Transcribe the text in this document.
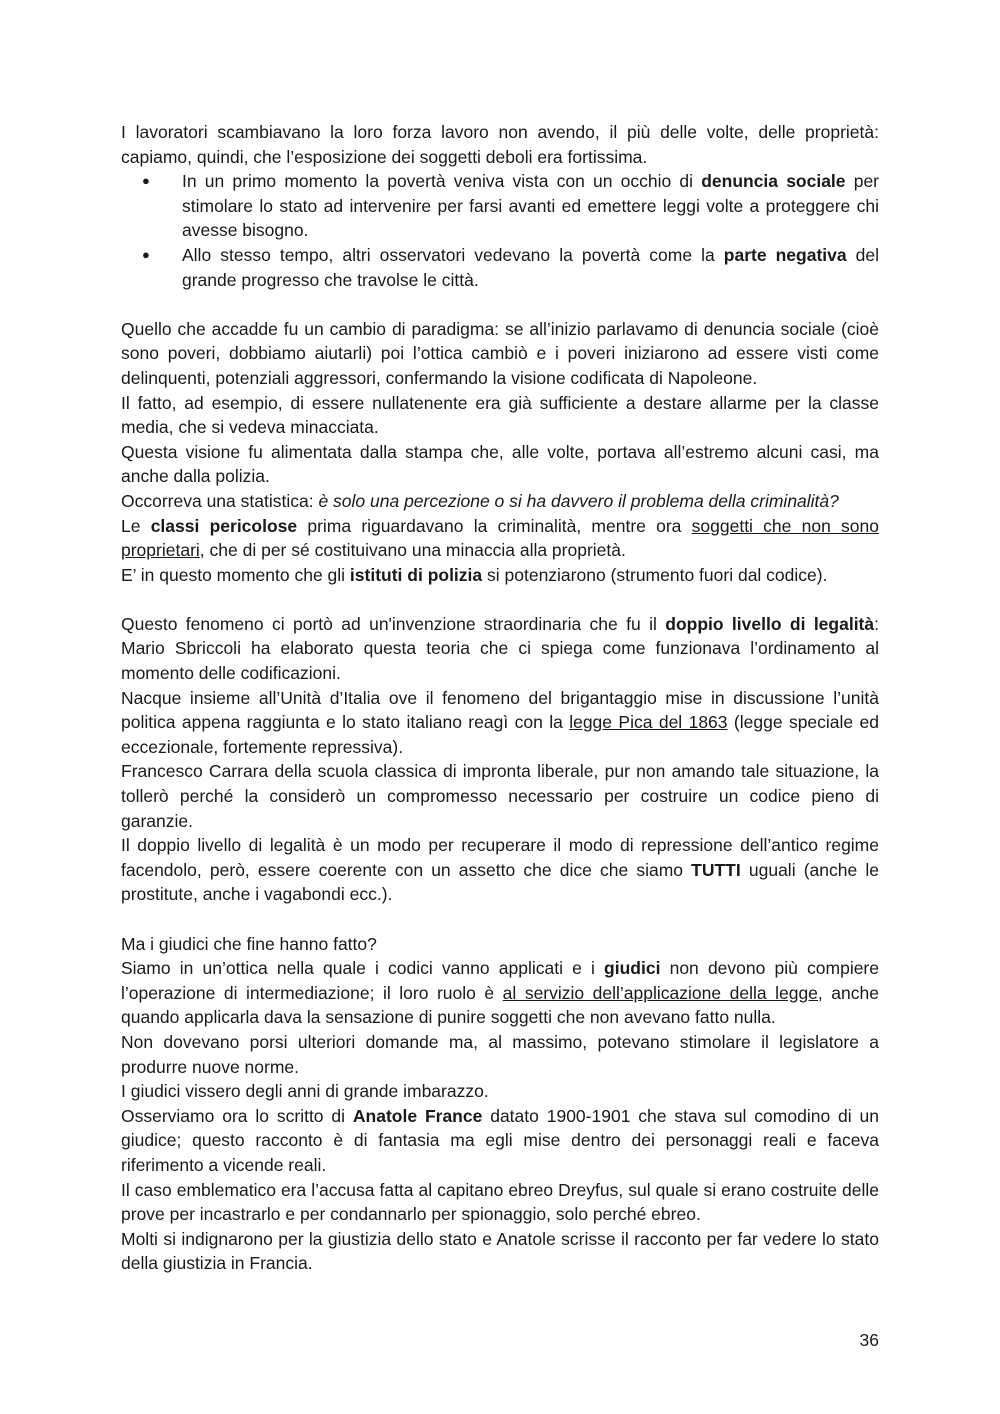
I lavoratori scambiavano la loro forza lavoro non avendo, il più delle volte, delle proprietà: capiamo, quindi, che l’esposizione dei soggetti deboli era fortissima.

● In un primo momento la povertà veniva vista con un occhio di denuncia sociale per stimolare lo stato ad intervenire per farsi avanti ed emettere leggi volte a proteggere chi avesse bisogno.
● Allo stesso tempo, altri osservatori vedevano la povertà come la parte negativa del grande progresso che travolse le città.

Quello che accadde fu un cambio di paradigma: se all’inizio parlavamo di denuncia sociale (cioè sono poveri, dobbiamo aiutarli) poi l’ottica cambiò e i poveri iniziarono ad essere visti come delinquenti, potenziali aggressori, confermando la visione codificata di Napoleone.

Il fatto, ad esempio, di essere nullatenente era già sufficiente a destare allarme per la classe media, che si vedeva minacciata.

Questa visione fu alimentata dalla stampa che, alle volte, portava all’estremo alcuni casi, ma anche dalla polizia.

Occorreva una statistica: è solo una percezione o si ha davvero il problema della criminalità?

Le classi pericolose prima riguardavano la criminalità, mentre ora soggetti che non sono proprietari, che di per sé costituivano una minaccia alla proprietà.

E’ in questo momento che gli istituti di polizia si potenziarono (strumento fuori dal codice).

Questo fenomeno ci portò ad un'invenzione straordinaria che fu il doppio livello di legalità: Mario Sbriccoli ha elaborato questa teoria che ci spiega come funzionava l’ordinamento al momento delle codificazioni.

Nacque insieme all’Unità d’Italia ove il fenomeno del brigantaggio mise in discussione l’unità politica appena raggiunta e lo stato italiano reagì con la legge Pica del 1863 (legge speciale ed eccezionale, fortemente repressiva).

Francesco Carrara della scuola classica di impronta liberale, pur non amando tale situazione, la tollerò perché la considerò un compromesso necessario per costruire un codice pieno di garanzie.

Il doppio livello di legalità è un modo per recuperare il modo di repressione dell’antico regime facendolo, però, essere coerente con un assetto che dice che siamo TUTTI uguali (anche le prostitute, anche i vagabondi ecc.).

Ma i giudici che fine hanno fatto?

Siamo in un’ottica nella quale i codici vanno applicati e i giudici non devono più compiere l’operazione di intermediazione; il loro ruolo è al servizio dell’applicazione della legge, anche quando applicarla dava la sensazione di punire soggetti che non avevano fatto nulla.

Non dovevano porsi ulteriori domande ma, al massimo, potevano stimolare il legislatore a produrre nuove norme.

I giudici vissero degli anni di grande imbarazzo.

Osserviamo ora lo scritto di Anatole France datato 1900-1901 che stava sul comodino di un giudice; questo racconto è di fantasia ma egli mise dentro dei personaggi reali e faceva riferimento a vicende reali.

Il caso emblematico era l’accusa fatta al capitano ebreo Dreyfus, sul quale si erano costruite delle prove per incastrarlo e per condannarlo per spionaggio, solo perché ebreo.

Molti si indignarono per la giustizia dello stato e Anatole scrisse il racconto per far vedere lo stato della giustizia in Francia.

36
